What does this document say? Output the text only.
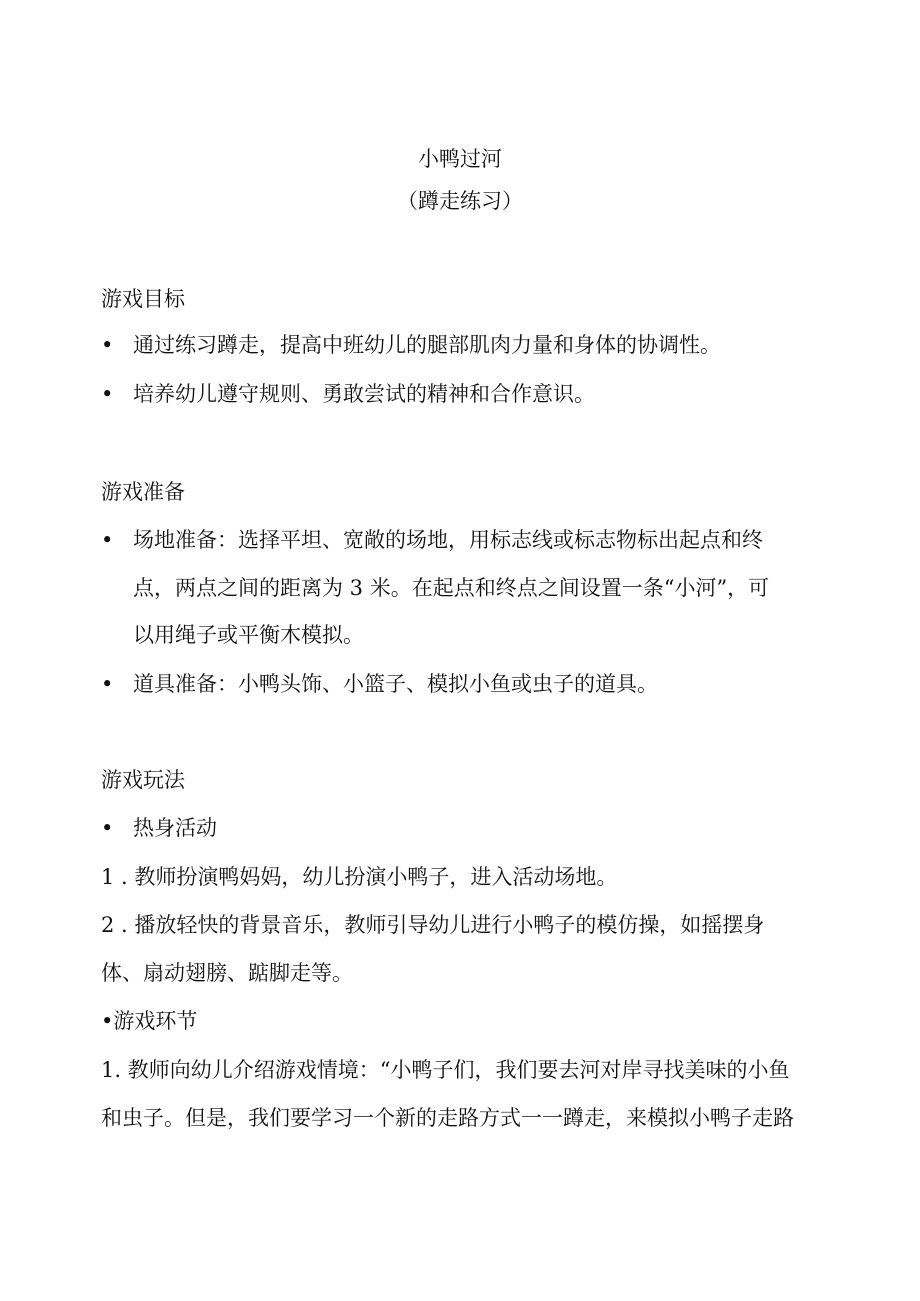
小鸭过河
（蹲走练习）
游戏目标
• 通过练习蹲走，提高中班幼儿的腿部肌肉力量和身体的协调性。
• 培养幼儿遵守规则、勇敢尝试的精神和合作意识。
游戏准备
• 场地准备：选择平坦、宽敞的场地，用标志线或标志物标出起点和终
点，两点之间的距离为 3 米。在起点和终点之间设置一条“小河”，可
以用绳子或平衡木模拟。
• 道具准备：小鸭头饰、小篮子、模拟小鱼或虫子的道具。
游戏玩法
• 热身活动
1 . 教师扮演鸭妈妈，幼儿扮演小鸭子，进入活动场地。
2 . 播放轻快的背景音乐，教师引导幼儿进行小鸭子的模仿操，如摇摆身
体、扇动翅膀、踮脚走等。
•游戏环节
1. 教师向幼儿介绍游戏情境：“小鸭子们，我们要去河对岸寻找美味的小鱼
和虫子。但是，我们要学习一个新的走路方式一一蹲走，来模拟小鸭子走路
